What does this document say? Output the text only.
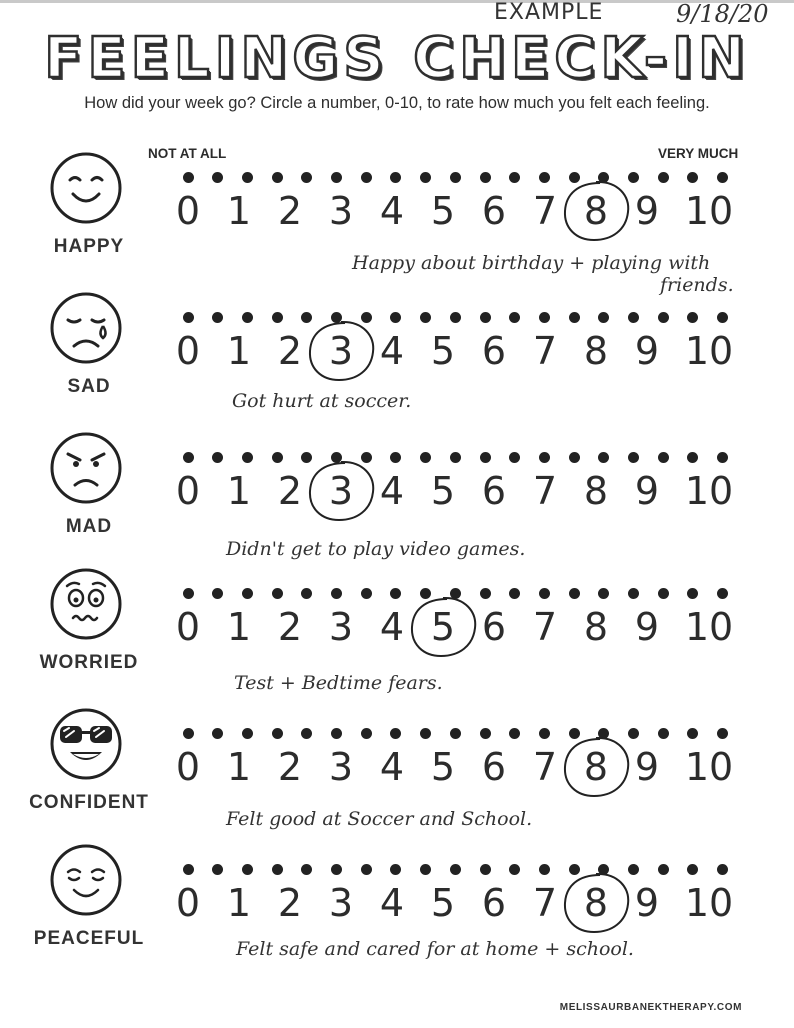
EXAMPLE	9/18/20
FEELINGS CHECK-IN
How did your week go? Circle a number, 0-10, to rate how much you felt each feeling.
NOT AT ALL	VERY MUCH
HAPPY
0 1 2 3 4 5 6 7 8 9 10
Happy about birthday + playing with
friends.
SAD
0 1 2 3 4 5 6 7 8 9 10
Got hurt at soccer.
MAD
0 1 2 3 4 5 6 7 8 9 10
Didn't get to play video games.
WORRIED
0 1 2 3 4 5 6 7 8 9 10
Test + Bedtime fears.
CONFIDENT
0 1 2 3 4 5 6 7 8 9 10
Felt good at Soccer and School.
PEACEFUL
0 1 2 3 4 5 6 7 8 9 10
Felt safe and cared for at home + school.
MELISSAURBANEKTHERAPY.COM
